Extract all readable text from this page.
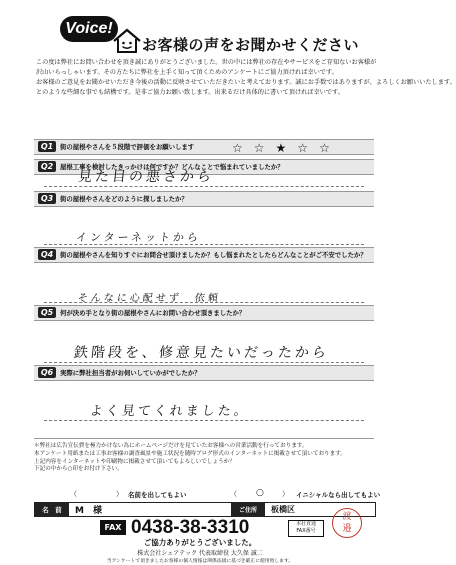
Voice!
お客様の声をお聞かせください

この度は弊社にお問い合わせを頂き誠にありがとうございました。世の中には弊社の存在やサービスをご存知ないお客様が

沢山いらっしゃいます。その方たちに弊社を上手く知って頂くためのアンケートにご協力頂ければ幸いです。

お客様のご意見をお聞かせいただき今後の活動に反映させていただきたいと考えております。誠にお手数ではありますが、よろしくお願いいたします。

とのような些細な事でも結構です。是非ご協力お願い致します。出来るだけ具体的に書いて頂ければ幸いです。

Q1	街の屋根やさんを５段階で評価をお願いします	☆☆★☆☆
Q2	屋根工事を検討したきっかけは何ですか？どんなことで悩まれていましたか？
見た目の悪さから
Q3	街の屋根やさんをどのように探しましたか？
インターネットから
Q4	街の屋根やさんを知りすぐにお問合せ頂けましたか？もし悩まれたとしたらどんなことがご不安でしたか？
そんなに心配せず　依頼
Q5	何が決め手となり街の屋根やさんにお問い合わせ頂きましたか？
鉄階段を、修意見たいだったから
Q6	実際に弊社担当者がお伺いしていかがでしたか？
よく見てくれました。

＊弊社は広告宣伝費を極力かけない為にホームページだけを見ていたお客様への営業活動を行っております。

本アンケート用紙または工事お客様の調査風景や施工状況を随時ブログ形式のインターネットに掲載させて頂いております。

上記内容をインターネットや印刷物に掲載させて頂いてもよろしいでしょうか？

下記の中から○印をお付け下さい。

（	） 名前を出してもよい	（ ○	） イニシャルなら出してもよい
名　前	M　様	ご住所	板橋区
FAX 0438-38-3310	本社直通
FAX番号
渡
邉
ご協力ありがとうございました。
株式会社シェアテック 代表取締役 大久保 誠二
当アンケートで頂きましたお客様の個人情報は関係法規に基づき厳正に使用致します。
